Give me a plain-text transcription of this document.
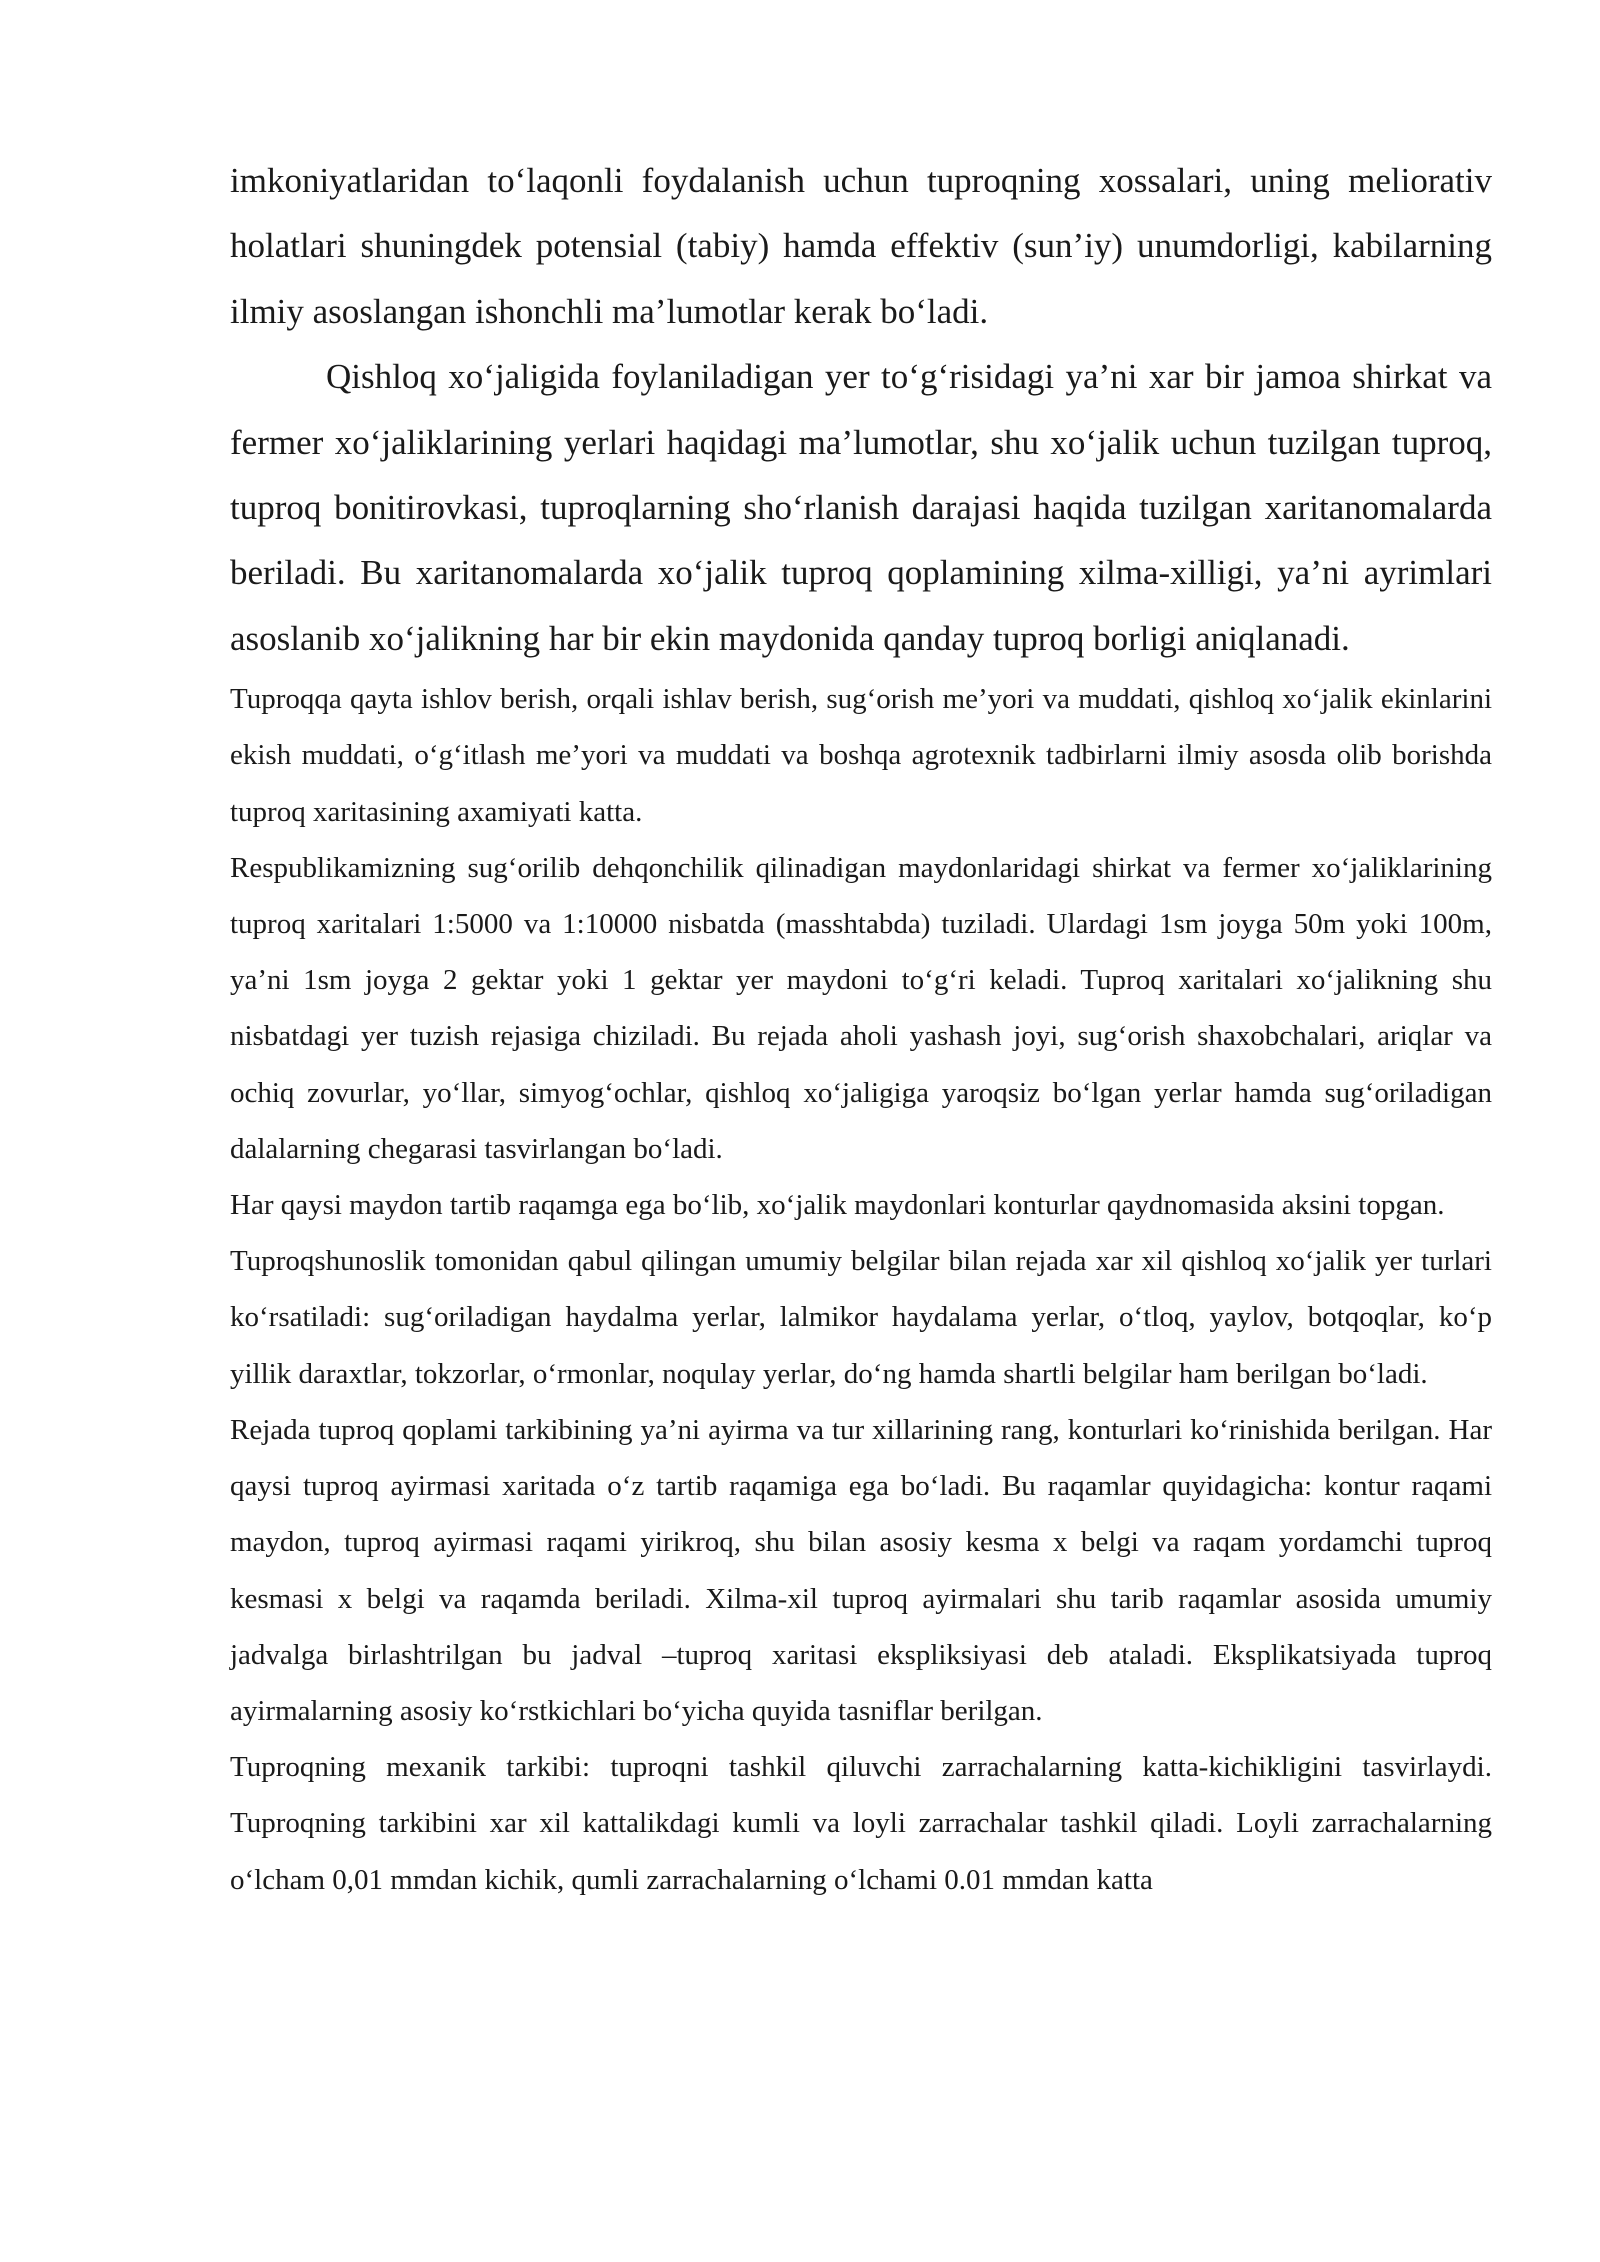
imkoniyatlaridan to‘laqonli foydalanish uchun tuproqning xossalari, uning meliorativ holatlari shuningdek potensial (tabiy) hamda effektiv (sun’iy) unumdorligi, kabilarning ilmiy asoslangan ishonchli ma’lumotlar kerak bo‘ladi.

Qishloq xo‘jaligida foylaniladigan yer to‘g‘risidagi ya’ni xar bir jamoa shirkat va fermer xo‘jaliklarining yerlari haqidagi ma’lumotlar, shu xo‘jalik uchun tuzilgan tuproq, tuproq bonitirovkasi, tuproqlarning sho‘rlanish darajasi haqida tuzilgan xaritanomalarda beriladi. Bu xaritanomalarda xo‘jalik tuproq qoplamining xilma-xilligi, ya’ni ayrimlari asoslanib xo‘jalikning har bir ekin maydonida qanday tuproq borligi aniqlanadi.

Tuproqqa qayta ishlov berish, orqali ishlav berish, sug‘orish me’yori va muddati, qishloq xo‘jalik ekinlarini ekish muddati, o‘g‘itlash me’yori va muddati va boshqa agrotexnik tadbirlarni ilmiy asosda olib borishda tuproq xaritasining axamiyati katta.

Respublikamizning sug‘orilib dehqonchilik qilinadigan maydonlaridagi shirkat va fermer xo‘jaliklarining tuproq xaritalari 1:5000 va 1:10000 nisbatda (masshtabda) tuziladi. Ulardagi 1sm joyga 50m yoki 100m, ya’ni 1sm joyga 2 gektar yoki 1 gektar yer maydoni to‘g‘ri keladi. Tuproq xaritalari xo‘jalikning shu nisbatdagi yer tuzish rejasiga chiziladi. Bu rejada aholi yashash joyi, sug‘orish shaxobchalari, ariqlar va ochiq zovurlar, yo‘llar, simyog‘ochlar, qishloq xo‘jaligiga yaroqsiz bo‘lgan yerlar hamda sug‘oriladigan dalalarning chegarasi tasvirlangan bo‘ladi.

Har qaysi maydon tartib raqamga ega bo‘lib, xo‘jalik maydonlari konturlar qaydnomasida aksini topgan.

Tuproqshunoslik tomonidan qabul qilingan umumiy belgilar bilan rejada xar xil qishloq xo‘jalik yer turlari ko‘rsatiladi: sug‘oriladigan haydalma yerlar, lalmikor haydalama yerlar, o‘tloq, yaylov, botqoqlar, ko‘p yillik daraxtlar, tokzorlar, o‘rmonlar, noqulay yerlar, do‘ng hamda shartli belgilar ham berilgan bo‘ladi.

Rejada tuproq qoplami tarkibining ya’ni ayirma va tur xillarining rang, konturlari ko‘rinishida berilgan. Har qaysi tuproq ayirmasi xaritada o‘z tartib raqamiga ega bo‘ladi. Bu raqamlar quyidagicha: kontur raqami maydon, tuproq ayirmasi raqami yirikroq, shu bilan asosiy kesma x belgi va raqam yordamchi tuproq kesmasi x belgi va raqamda beriladi. Xilma-xil tuproq ayirmalari shu tarib raqamlar asosida umumiy jadvalga birlashtrilgan bu jadval –tuproq xaritasi ekspliksiyasi deb ataladi. Eksplikatsiyada tuproq ayirmalarning asosiy ko‘rstkichlari bo‘yicha quyida tasniflar berilgan.

Tuproqning mexanik tarkibi: tuproqni tashkil qiluvchi zarrachalarning katta-kichikligini tasvirlaydi. Tuproqning tarkibini xar xil kattalikdagi kumli va loyli zarrachalar tashkil qiladi. Loyli zarrachalarning o‘lcham 0,01 mmdan kichik, qumli zarrachalarning o‘lchami 0.01 mmdan katta
